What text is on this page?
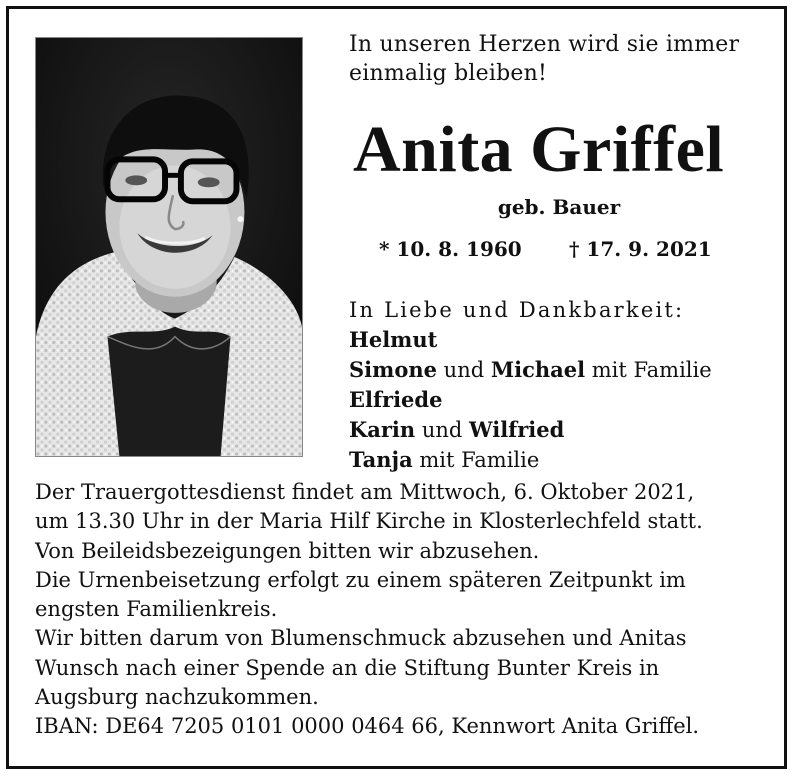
In unseren Herzen wird sie immer
einmalig bleiben!
Anita Griffel
geb. Bauer
* 10. 8. 1960 † 17. 9. 2021
In Liebe und Dankbarkeit:
Helmut
Simone und Michael mit Familie
Elfriede
Karin und Wilfried
Tanja mit Familie
Der Trauergottesdienst findet am Mittwoch, 6. Oktober 2021,
um 13.30 Uhr in der Maria Hilf Kirche in Klosterlechfeld statt.
Von Beileidsbezeigungen bitten wir abzusehen.
Die Urnenbeisetzung erfolgt zu einem späteren Zeitpunkt im
engsten Familienkreis.
Wir bitten darum von Blumenschmuck abzusehen und Anitas
Wunsch nach einer Spende an die Stiftung Bunter Kreis in
Augsburg nachzukommen.
IBAN: DE64 7205 0101 0000 0464 66, Kennwort Anita Griffel.
